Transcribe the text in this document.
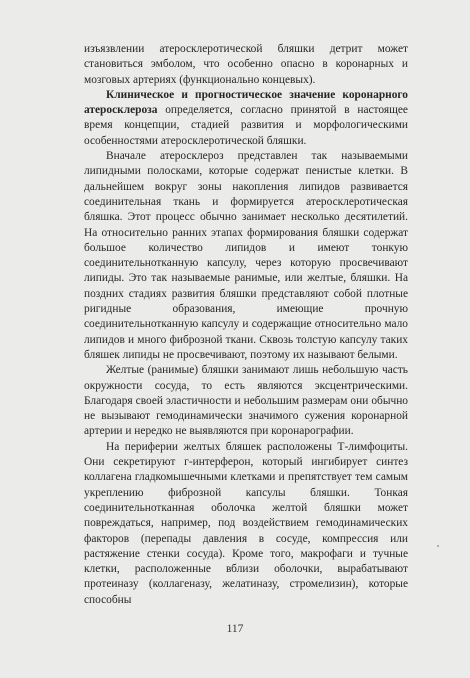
изъязвлении атеросклеротической бляшки детрит может становиться эмболом, что особенно опасно в коронарных и мозговых артериях (функционально концевых).

Клиническое и прогностическое значение коронарного атеросклероза определяется, согласно принятой в настоящее время концепции, стадией развития и морфологическими особенностями атеросклеротической бляшки.

Вначале атеросклероз представлен так называемыми липидными полосками, которые содержат пенистые клетки. В дальнейшем вокруг зоны накопления липидов развивается соединительная ткань и формируется атеросклеротическая бляшка. Этот процесс обычно занимает несколько десятилетий. На относительно ранних этапах формирования бляшки содержат большое количество липидов и имеют тонкую соединительнотканную капсулу, через которую просвечивают липиды. Это так называемые ранимые, или желтые, бляшки. На поздних стадиях развития бляшки представляют собой плотные ригидные образования, имеющие прочную соединительнотканную капсулу и содержащие относительно мало липидов и много фиброзной ткани. Сквозь толстую капсулу таких бляшек липиды не просвечивают, поэтому их называют белыми.

Желтые (ранимые) бляшки занимают лишь небольшую часть окружности сосуда, то есть являются эксцентрическими. Благодаря своей эластичности и небольшим размерам они обычно не вызывают гемодинамически значимого сужения коронарной артерии и нередко не выявляются при коронарографии.

На периферии желтых бляшек расположены Т-лимфоциты. Они секретируют г-интерферон, который ингибирует синтез коллагена гладкомышечными клетками и препятствует тем самым укреплению фиброзной капсулы бляшки. Тонкая соединительнотканная оболочка желтой бляшки может повреждаться, например, под воздействием гемодинамических факторов (перепады давления в сосуде, компрессия или растяжение стенки сосуда). Кроме того, макрофаги и тучные клетки, расположенные вблизи оболочки, вырабатывают протеиназу (коллагеназу, желатиназу, стромелизин), которые способны

117
